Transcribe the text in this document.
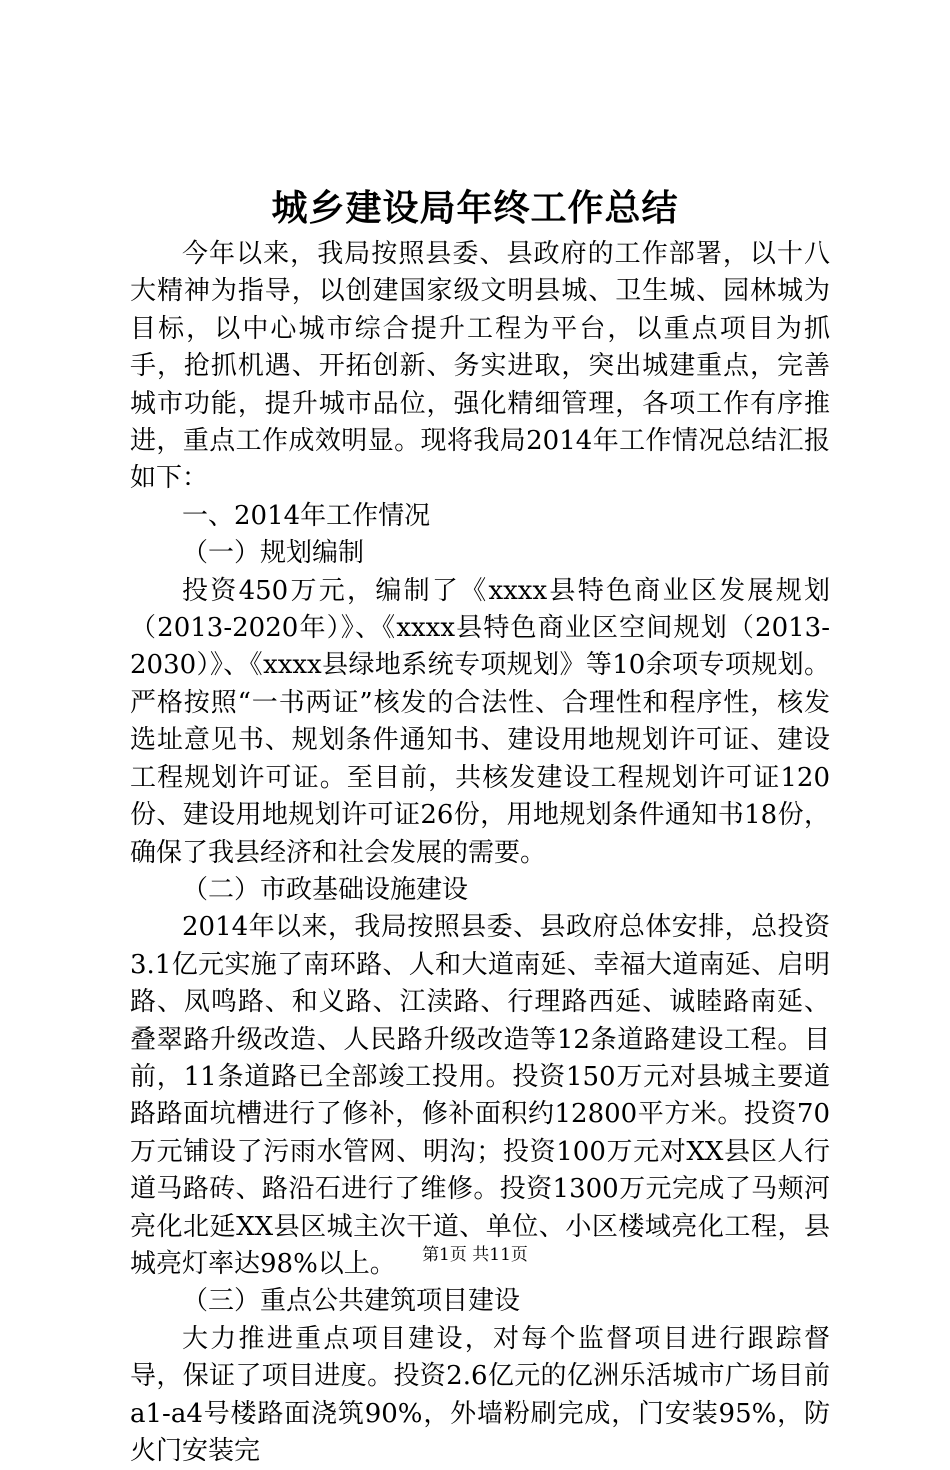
城乡建设局年终工作总结

今年以来，我局按照县委、县政府的工作部署，以十八大精神为指导，以创建国家级文明县城、卫生城、园林城为目标，以中心城市综合提升工程为平台，以重点项目为抓手，抢抓机遇、开拓创新、务实进取，突出城建重点，完善城市功能，提升城市品位，强化精细管理，各项工作有序推进，重点工作成效明显。现将我局2014年工作情况总结汇报如下：

一、2014年工作情况

（一）规划编制

投资450万元，编制了《xxxx县特色商业区发展规划（2013-2020年）》、《xxxx县特色商业区空间规划（2013-2030）》、《xxxx县绿地系统专项规划》等10余项专项规划。严格按照“一书两证”核发的合法性、合理性和程序性，核发选址意见书、规划条件通知书、建设用地规划许可证、建设工程规划许可证。至目前，共核发建设工程规划许可证120份、建设用地规划许可证26份，用地规划条件通知书18份，确保了我县经济和社会发展的需要。

（二）市政基础设施建设

2014年以来，我局按照县委、县政府总体安排，总投资3.1亿元实施了南环路、人和大道南延、幸福大道南延、启明路、凤鸣路、和义路、江渎路、行理路西延、诚睦路南延、叠翠路升级改造、人民路升级改造等12条道路建设工程。目前，11条道路已全部竣工投用。投资150万元对县城主要道路路面坑槽进行了修补，修补面积约12800平方米。投资70万元铺设了污雨水管网、明沟；投资100万元对XX县区人行道马路砖、路沿石进行了维修。投资1300万元完成了马颊河亮化北延XX县区城主次干道、单位、小区楼域亮化工程，县城亮灯率达98%以上。

（三）重点公共建筑项目建设

大力推进重点项目建设，对每个监督项目进行跟踪督导，保证了项目进度。投资2.6亿元的亿洲乐活城市广场目前a1-a4号楼路面浇筑90%，外墙粉刷完成，门安装95%，防火门安装完

第1页 共11页
